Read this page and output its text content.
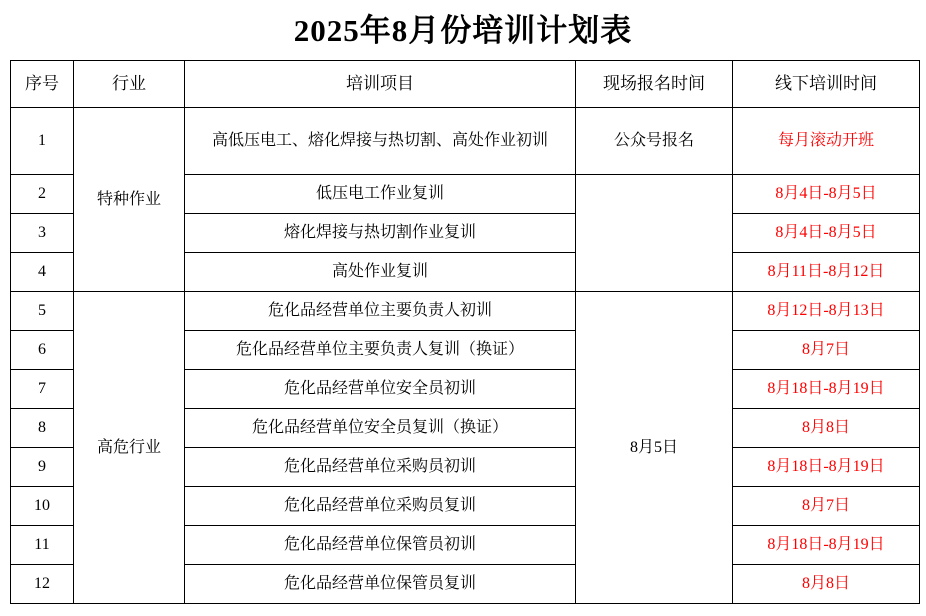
2025年8月份培训计划表
序号	行业	培训项目	现场报名时间	线下培训时间
1	特种作业	高低压电工、熔化焊接与热切割、高处作业初训	公众号报名	每月滚动开班
2		低压电工作业复训		8月4日-8月5日
3		熔化焊接与热切割作业复训		8月4日-8月5日
4		高处作业复训		8月11日-8月12日
5	高危行业	危化品经营单位主要负责人初训	8月5日	8月12日-8月13日
6		危化品经营单位主要负责人复训（换证）		8月7日
7		危化品经营单位安全员初训		8月18日-8月19日
8		危化品经营单位安全员复训（换证）		8月8日
9		危化品经营单位采购员初训		8月18日-8月19日
10		危化品经营单位采购员复训		8月7日
11		危化品经营单位保管员初训		8月18日-8月19日
12		危化品经营单位保管员复训		8月8日
